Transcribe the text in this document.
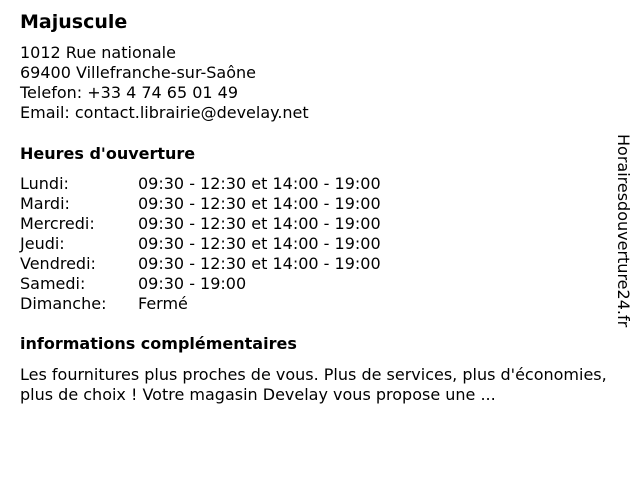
Majuscule
1012 Rue nationale
69400 Villefranche-sur-Saône
Telefon: +33 4 74 65 01 49
Email: contact.librairie@develay.net
Heures d'ouverture
Lundi:	09:30 - 12:30 et 14:00 - 19:00
Mardi:	09:30 - 12:30 et 14:00 - 19:00
Mercredi:	09:30 - 12:30 et 14:00 - 19:00
Jeudi:	09:30 - 12:30 et 14:00 - 19:00
Vendredi:	09:30 - 12:30 et 14:00 - 19:00
Samedi:	09:30 - 19:00
Dimanche:	Fermé
informations complémentaires
Les fournitures plus proches de vous. Plus de services, plus d'économies, plus de choix ! Votre magasin Develay vous propose une ...
Horairesdouverture24.fr
